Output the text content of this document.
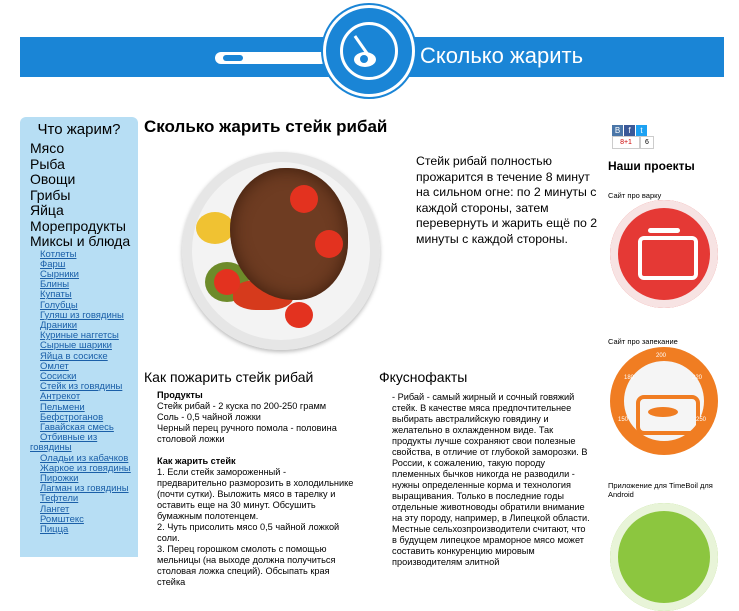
Сколько жарить
Что жарим?
Мясо
Рыба
Овощи
Грибы
Яйца
Морепродукты
Миксы и блюда
Котлеты
Фарш
Сырники
Блины
Купаты
Голубцы
Гуляш из говядины
Драники
Куриные наггетсы
Сырные шарики
Яйца в сосиске
Омлет
Сосиски
Стейк из говядины
Антрекот
Пельмени
Бефстроганов
Гавайская смесь
Отбивные из
говядины
Оладьи из кабачков
Жаркое из говядины
Пирожки
Лагман из говядины
Тефтели
Лангет
Ромштекс
Пицца
Сколько жарить стейк рибай
Стейк рибай полностью прожарится в течение 8 минут на сильном огне: по 2 минуты с каждой стороны, затем перевернуть и жарить ещё по 2 минуты с каждой стороны.
Как пожарить стейк рибай
Продукты
Стейк рибай - 2 куска по 200-250 грамм
Соль - 0,5 чайной ложки
Черный перец ручного помола - половина столовой ложки
Как жарить стейк
1. Если стейк замороженный - предварительно разморозить в холодильнике (почти сутки). Выложить мясо в тарелку и оставить еще на 30 минут. Обсушить бумажным полотенцем.
2. Чуть присолить мясо 0,5 чайной ложкой соли.
3. Перец горошком смолоть с помощью мельницы (на выходе должна получиться столовая ложка специй). Обсыпать края стейка
Фкуснофакты
- Рибай - самый жирный и сочный говяжий стейк. В качестве мяса предпочтительнее выбирать австралийскую говядину и желательно в охлажденном виде. Так продукты лучше сохраняют свои полезные свойства, в отличие от глубокой заморозки. В России, к сожалению, такую породу племенных бычков никогда не разводили - нужны определенные корма и технология выращивания. Только в последние годы отдельные животноводы обратили внимание на эту породу, например, в Липецкой области. Местные сельхозпроизводители считают, что в будущем липецкое мраморное мясо может составить конкуренцию мировым производителям элитной
В f t
8+1	6
Наши проекты
Сайт про варку
Сайт про запекание
150
180
200
220
250
Приложение для TimeBoil для Android
